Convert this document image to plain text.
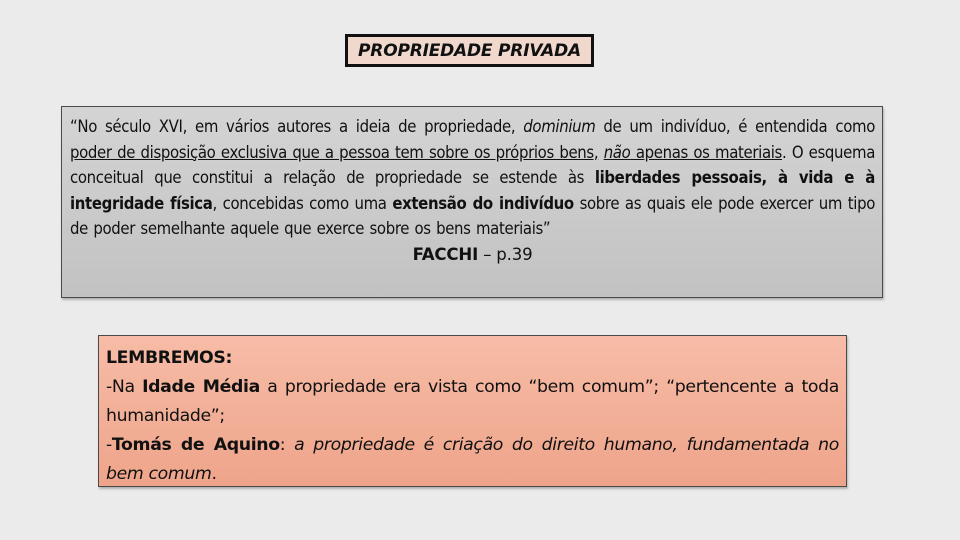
PROPRIEDADE PRIVADA
“No século XVI, em vários autores a ideia de propriedade, dominium de um indivíduo, é entendida como poder de disposição exclusiva que a pessoa tem sobre os próprios bens, não apenas os materiais. O esquema conceitual que constitui a relação de propriedade se estende às liberdades pessoais, à vida e à integridade física, concebidas como uma extensão do indivíduo sobre as quais ele pode exercer um tipo de poder semelhante aquele que exerce sobre os bens materiais”
FACCHI – p.39
LEMBREMOS:
-Na Idade Média a propriedade era vista como “bem comum”; “pertencente a toda humanidade”;
-Tomás de Aquino: a propriedade é criação do direito humano, fundamentada no bem comum.
